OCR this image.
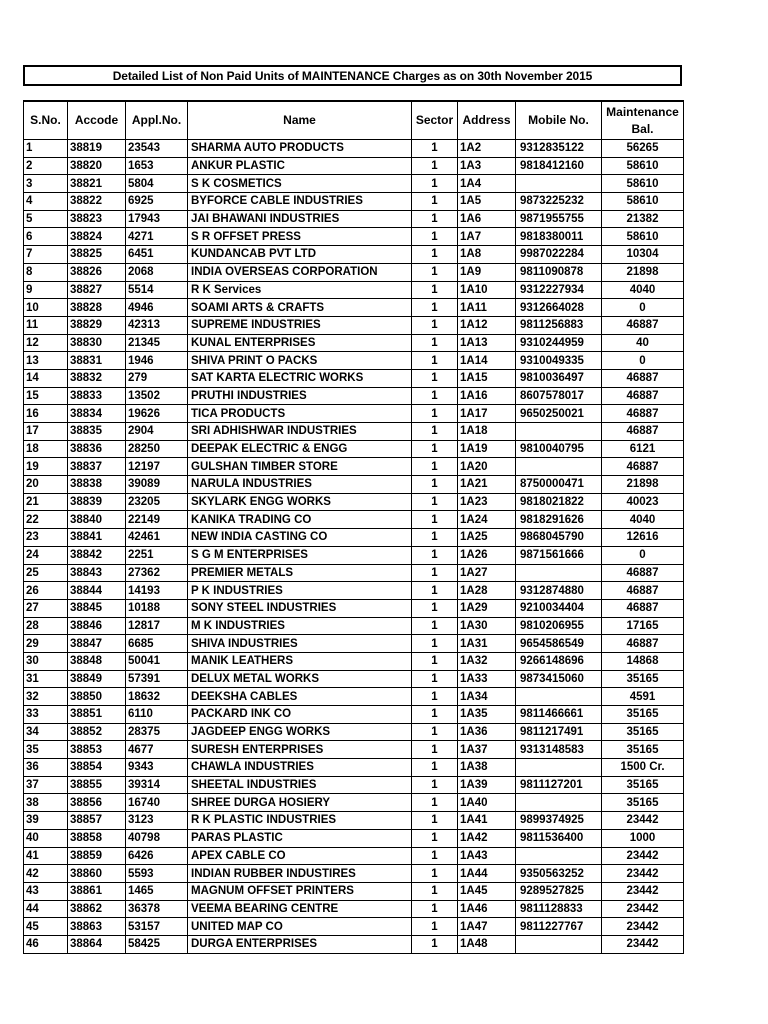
Detailed List of Non Paid Units of MAINTENANCE Charges as on 30th November 2015
S.No.	Accode	Appl.No.	Name	Sector	Address	Mobile No.	Maintenance Bal.
1	38819	23543	SHARMA AUTO PRODUCTS	1	1A2	9312835122	56265
2	38820	1653	ANKUR PLASTIC	1	1A3	9818412160	58610
3	38821	5804	S K COSMETICS	1	1A4		58610
4	38822	6925	BYFORCE CABLE INDUSTRIES	1	1A5	9873225232	58610
5	38823	17943	JAI BHAWANI INDUSTRIES	1	1A6	9871955755	21382
6	38824	4271	S R OFFSET PRESS	1	1A7	9818380011	58610
7	38825	6451	KUNDANCAB PVT LTD	1	1A8	9987022284	10304
8	38826	2068	INDIA OVERSEAS CORPORATION	1	1A9	9811090878	21898
9	38827	5514	R K Services	1	1A10	9312227934	4040
10	38828	4946	SOAMI ARTS & CRAFTS	1	1A11	9312664028	0
11	38829	42313	SUPREME INDUSTRIES	1	1A12	9811256883	46887
12	38830	21345	KUNAL ENTERPRISES	1	1A13	9310244959	40
13	38831	1946	SHIVA PRINT O PACKS	1	1A14	9310049335	0
14	38832	279	SAT KARTA ELECTRIC WORKS	1	1A15	9810036497	46887
15	38833	13502	PRUTHI INDUSTRIES	1	1A16	8607578017	46887
16	38834	19626	TICA PRODUCTS	1	1A17	9650250021	46887
17	38835	2904	SRI ADHISHWAR INDUSTRIES	1	1A18		46887
18	38836	28250	DEEPAK ELECTRIC & ENGG	1	1A19	9810040795	6121
19	38837	12197	GULSHAN TIMBER STORE	1	1A20		46887
20	38838	39089	NARULA INDUSTRIES	1	1A21	8750000471	21898
21	38839	23205	SKYLARK ENGG WORKS	1	1A23	9818021822	40023
22	38840	22149	KANIKA TRADING CO	1	1A24	9818291626	4040
23	38841	42461	NEW INDIA CASTING CO	1	1A25	9868045790	12616
24	38842	2251	S G M ENTERPRISES	1	1A26	9871561666	0
25	38843	27362	PREMIER METALS	1	1A27		46887
26	38844	14193	P K INDUSTRIES	1	1A28	9312874880	46887
27	38845	10188	SONY STEEL INDUSTRIES	1	1A29	9210034404	46887
28	38846	12817	M K INDUSTRIES	1	1A30	9810206955	17165
29	38847	6685	SHIVA INDUSTRIES	1	1A31	9654586549	46887
30	38848	50041	MANIK LEATHERS	1	1A32	9266148696	14868
31	38849	57391	DELUX METAL WORKS	1	1A33	9873415060	35165
32	38850	18632	DEEKSHA CABLES	1	1A34		4591
33	38851	6110	PACKARD INK CO	1	1A35	9811466661	35165
34	38852	28375	JAGDEEP ENGG WORKS	1	1A36	9811217491	35165
35	38853	4677	SURESH ENTERPRISES	1	1A37	9313148583	35165
36	38854	9343	CHAWLA INDUSTRIES	1	1A38		1500 Cr.
37	38855	39314	SHEETAL INDUSTRIES	1	1A39	9811127201	35165
38	38856	16740	SHREE DURGA HOSIERY	1	1A40		35165
39	38857	3123	R K PLASTIC INDUSTRIES	1	1A41	9899374925	23442
40	38858	40798	PARAS PLASTIC	1	1A42	9811536400	1000
41	38859	6426	APEX CABLE CO	1	1A43		23442
42	38860	5593	INDIAN RUBBER INDUSTIRES	1	1A44	9350563252	23442
43	38861	1465	MAGNUM OFFSET PRINTERS	1	1A45	9289527825	23442
44	38862	36378	VEEMA BEARING CENTRE	1	1A46	9811128833	23442
45	38863	53157	UNITED MAP CO	1	1A47	9811227767	23442
46	38864	58425	DURGA ENTERPRISES	1	1A48		23442
